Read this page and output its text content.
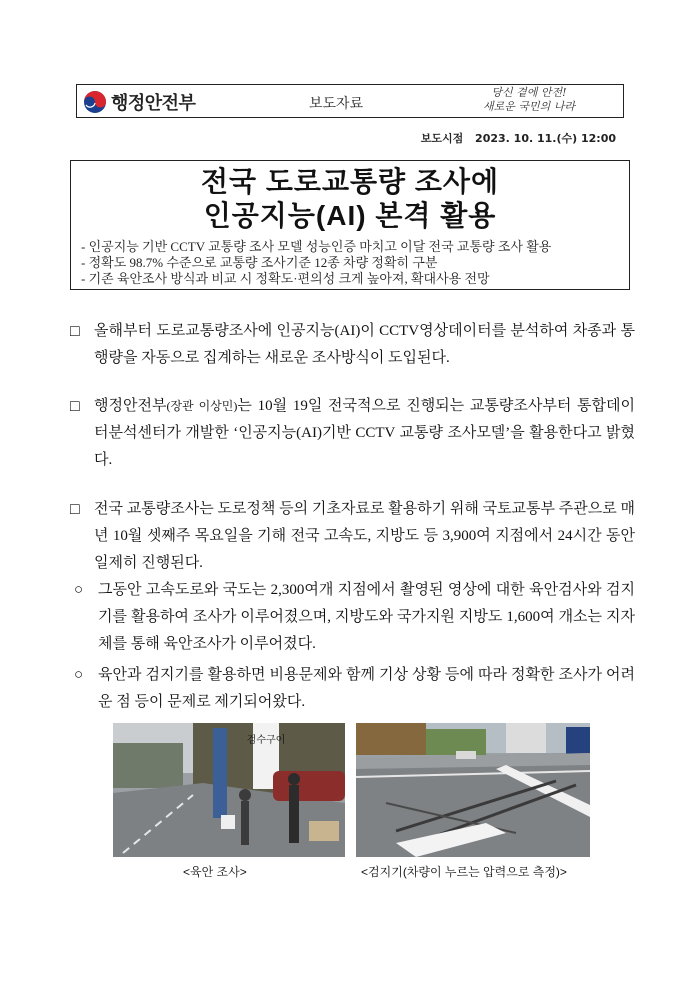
행정안전부	보도자료
당신 곁에 안전!
새로운 국민의 나라
보도시점 2023. 10. 11.(수) 12:00
전국 도로교통량 조사에
인공지능(AI) 본격 활용
- 인공지능 기반 CCTV 교통량 조사 모델 성능인증 마치고 이달 전국 교통량 조사 활용
- 정확도 98.7% 수준으로 교통량 조사기준 12종 차량 정확히 구분
- 기존 육안조사 방식과 비교 시 정확도·편의성 크게 높아져, 확대사용 전망
□ 올해부터 도로교통량조사에 인공지능(AI)이 CCTV영상데이터를 분석하여 차종과 통행량을 자동으로 집계하는 새로운 조사방식이 도입된다.

□ 행정안전부(장관 이상민)는 10월 19일 전국적으로 진행되는 교통량조사부터 통합데이터분석센터가 개발한 ‘인공지능(AI)기반 CCTV 교통량 조사모델’을 활용한다고 밝혔다.

□ 전국 교통량조사는 도로정책 등의 기초자료로 활용하기 위해 국토교통부 주관으로 매년 10월 셋째주 목요일을 기해 전국 고속도, 지방도 등 3,900여 지점에서 24시간 동안 일제히 진행된다.

○ 그동안 고속도로와 국도는 2,300여개 지점에서 촬영된 영상에 대한 육안검사와 검지기를 활용하여 조사가 이루어졌으며, 지방도와 국가지원 지방도 1,600여 개소는 지자체를 통해 육안조사가 이루어졌다.

○ 육안과 검지기를 활용하면 비용문제와 함께 기상 상황 등에 따라 정확한 조사가 어려운 점 등이 문제로 제기되어왔다.

검수구이
<육안 조사>	<검지기(차량이 누르는 압력으로 측정)>
